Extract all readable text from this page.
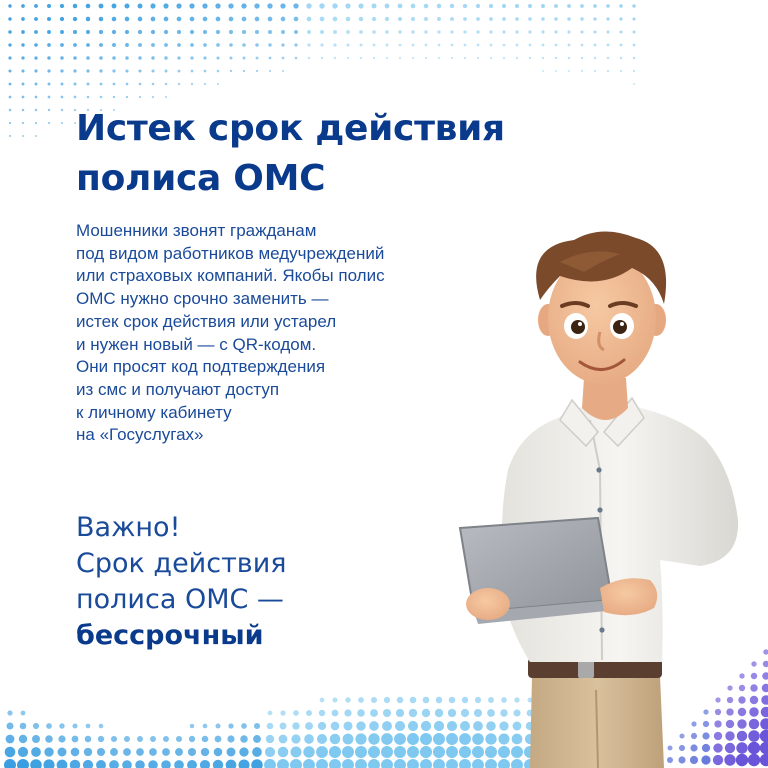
Истек срок действия
полиса ОМС

Мошенники звонят гражданам
под видом работников медучреждений
или страховых компаний. Якобы полис
ОМС нужно срочно заменить —
истек срок действия или устарел
и нужен новый — с QR-кодом.
Они просят код подтверждения
из смс и получают доступ
к личному кабинету
на «Госуслугах»

Важно!
Срок действия
полиса ОМС —
бессрочный
